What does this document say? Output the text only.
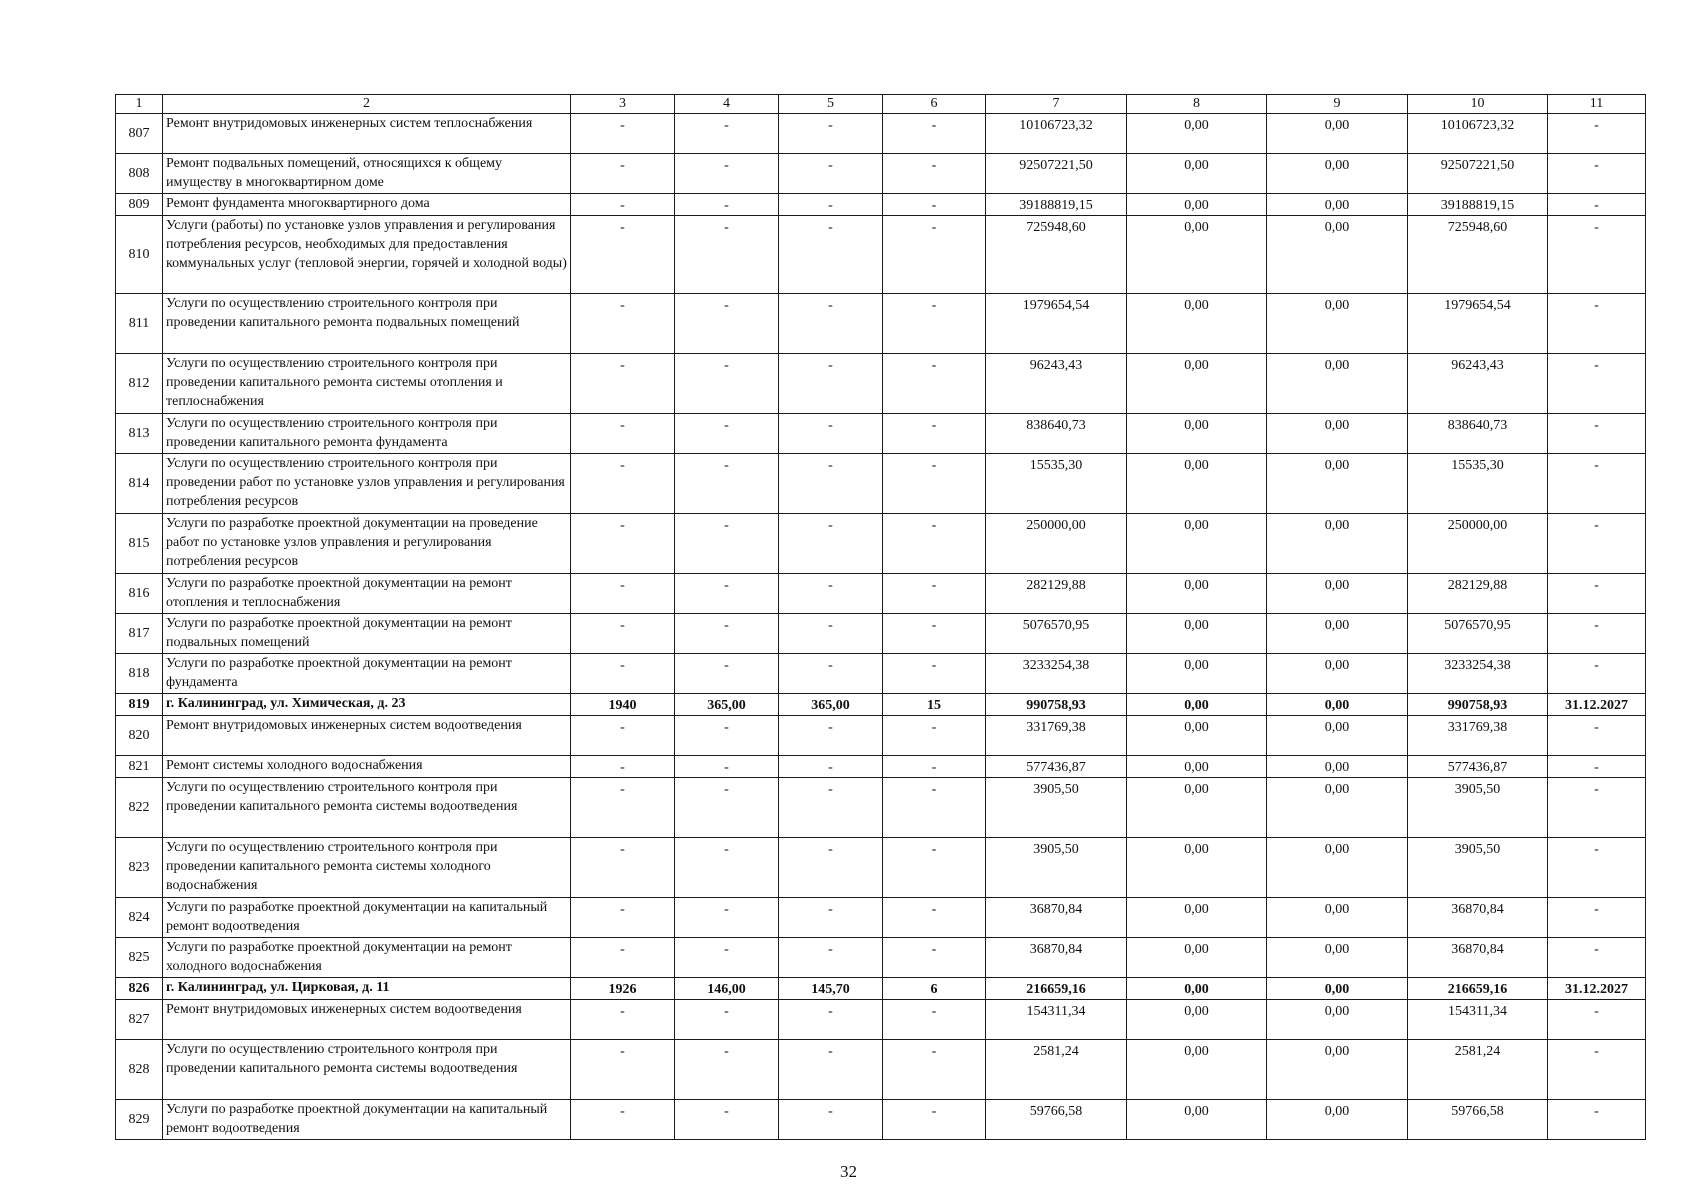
1	2	3	4	5	6	7	8	9	10	11
807	Ремонт внутридомовых инженерных систем теплоснабжения	-	-	-	-	10106723,32	0,00	0,00	10106723,32	-
808	Ремонт подвальных помещений, относящихся к общему имуществу в многоквартирном доме	-	-	-	-	92507221,50	0,00	0,00	92507221,50	-
809	Ремонт фундамента многоквартирного дома	-	-	-	-	39188819,15	0,00	0,00	39188819,15	-
810	Услуги (работы) по установке узлов управления и регулирования потребления ресурсов, необходимых для предоставления коммунальных услуг (тепловой энергии, горячей и холодной воды)	-	-	-	-	725948,60	0,00	0,00	725948,60	-
811	Услуги по осуществлению строительного контроля при проведении капитального ремонта подвальных помещений	-	-	-	-	1979654,54	0,00	0,00	1979654,54	-
812	Услуги по осуществлению строительного контроля при проведении капитального ремонта системы отопления и теплоснабжения	-	-	-	-	96243,43	0,00	0,00	96243,43	-
813	Услуги по осуществлению строительного контроля при проведении капитального ремонта фундамента	-	-	-	-	838640,73	0,00	0,00	838640,73	-
814	Услуги по осуществлению строительного контроля при проведении работ по установке узлов управления и регулирования потребления ресурсов	-	-	-	-	15535,30	0,00	0,00	15535,30	-
815	Услуги по разработке проектной документации на проведение работ по установке узлов управления и регулирования потребления ресурсов	-	-	-	-	250000,00	0,00	0,00	250000,00	-
816	Услуги по разработке проектной документации на ремонт отопления и теплоснабжения	-	-	-	-	282129,88	0,00	0,00	282129,88	-
817	Услуги по разработке проектной документации на ремонт подвальных помещений	-	-	-	-	5076570,95	0,00	0,00	5076570,95	-
818	Услуги по разработке проектной документации на ремонт фундамента	-	-	-	-	3233254,38	0,00	0,00	3233254,38	-
819	г. Калининград, ул. Химическая, д. 23	1940	365,00	365,00	15	990758,93	0,00	0,00	990758,93	31.12.2027
820	Ремонт внутридомовых инженерных систем водоотведения	-	-	-	-	331769,38	0,00	0,00	331769,38	-
821	Ремонт системы холодного водоснабжения	-	-	-	-	577436,87	0,00	0,00	577436,87	-
822	Услуги по осуществлению строительного контроля при проведении капитального ремонта системы водоотведения	-	-	-	-	3905,50	0,00	0,00	3905,50	-
823	Услуги по осуществлению строительного контроля при проведении капитального ремонта системы холодного водоснабжения	-	-	-	-	3905,50	0,00	0,00	3905,50	-
824	Услуги по разработке проектной документации на капитальный ремонт водоотведения	-	-	-	-	36870,84	0,00	0,00	36870,84	-
825	Услуги по разработке проектной документации на ремонт холодного водоснабжения	-	-	-	-	36870,84	0,00	0,00	36870,84	-
826	г. Калининград, ул. Цирковая, д. 11	1926	146,00	145,70	6	216659,16	0,00	0,00	216659,16	31.12.2027
827	Ремонт внутридомовых инженерных систем водоотведения	-	-	-	-	154311,34	0,00	0,00	154311,34	-
828	Услуги по осуществлению строительного контроля при проведении капитального ремонта системы водоотведения	-	-	-	-	2581,24	0,00	0,00	2581,24	-
829	Услуги по разработке проектной документации на капитальный ремонт водоотведения	-	-	-	-	59766,58	0,00	0,00	59766,58	-
32
